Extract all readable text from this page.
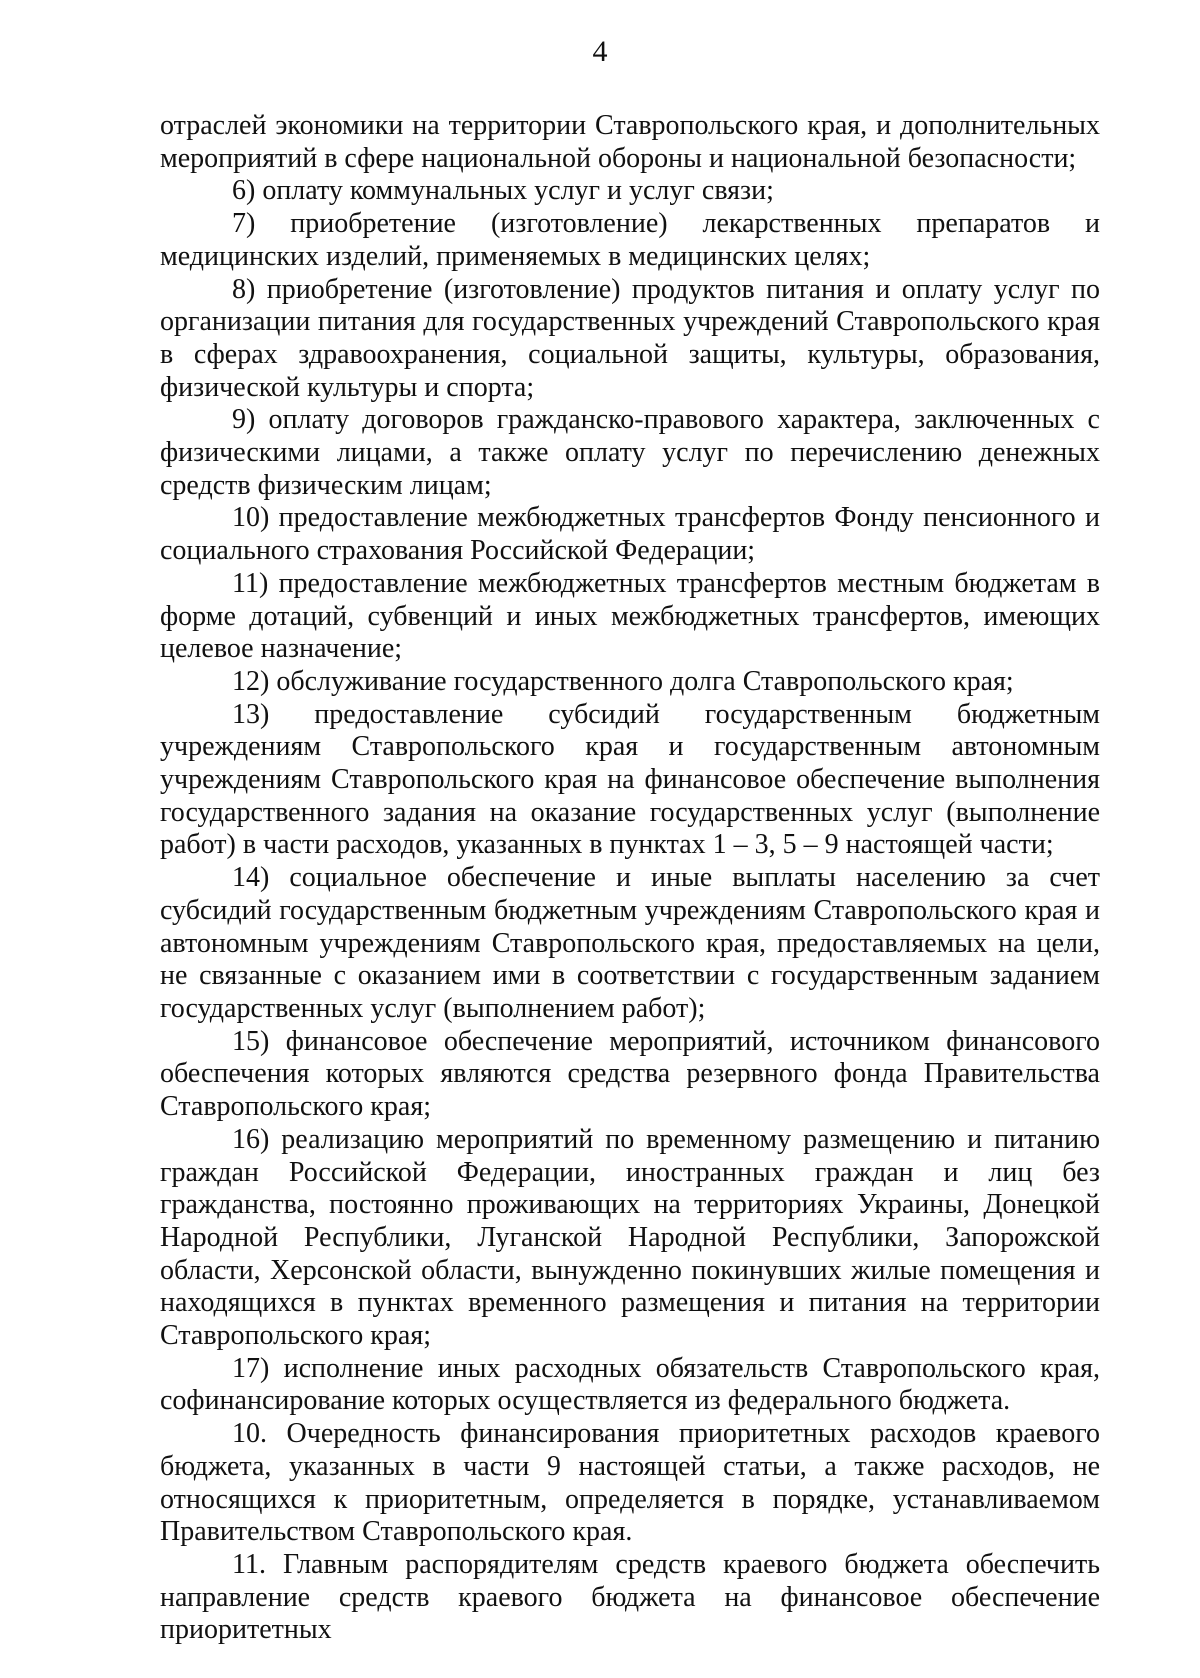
4

отраслей экономики на территории Ставропольского края, и дополнительных мероприятий в сфере национальной обороны и национальной безопасности;

6) оплату коммунальных услуг и услуг связи;

7) приобретение (изготовление) лекарственных препаратов и медицинских изделий, применяемых в медицинских целях;

8) приобретение (изготовление) продуктов питания и оплату услуг по организации питания для государственных учреждений Ставропольского края в сферах здравоохранения, социальной защиты, культуры, образования, физической культуры и спорта;

9) оплату договоров гражданско-правового характера, заключенных с физическими лицами, а также оплату услуг по перечислению денежных средств физическим лицам;

10) предоставление межбюджетных трансфертов Фонду пенсионного и социального страхования Российской Федерации;

11) предоставление межбюджетных трансфертов местным бюджетам в форме дотаций, субвенций и иных межбюджетных трансфертов, имеющих целевое назначение;

12) обслуживание государственного долга Ставропольского края;

13) предоставление субсидий государственным бюджетным учреждениям Ставропольского края и государственным автономным учреждениям Ставропольского края на финансовое обеспечение выполнения государственного задания на оказание государственных услуг (выполнение работ) в части расходов, указанных в пунктах 1 – 3, 5 – 9 настоящей части;

14) социальное обеспечение и иные выплаты населению за счет субсидий государственным бюджетным учреждениям Ставропольского края и автономным учреждениям Ставропольского края, предоставляемых на цели, не связанные с оказанием ими в соответствии с государственным заданием государственных услуг (выполнением работ);

15) финансовое обеспечение мероприятий, источником финансового обеспечения которых являются средства резервного фонда Правительства Ставропольского края;

16) реализацию мероприятий по временному размещению и питанию граждан Российской Федерации, иностранных граждан и лиц без гражданства, постоянно проживающих на территориях Украины, Донецкой Народной Республики, Луганской Народной Республики, Запорожской области, Херсонской области, вынужденно покинувших жилые помещения и находящихся в пунктах временного размещения и питания на территории Ставропольского края;

17) исполнение иных расходных обязательств Ставропольского края, софинансирование которых осуществляется из федерального бюджета.

10. Очередность финансирования приоритетных расходов краевого бюджета, указанных в части 9 настоящей статьи, а также расходов, не относящихся к приоритетным, определяется в порядке, устанавливаемом Правительством Ставропольского края.

11. Главным распорядителям средств краевого бюджета обеспечить направление средств краевого бюджета на финансовое обеспечение приоритетных
